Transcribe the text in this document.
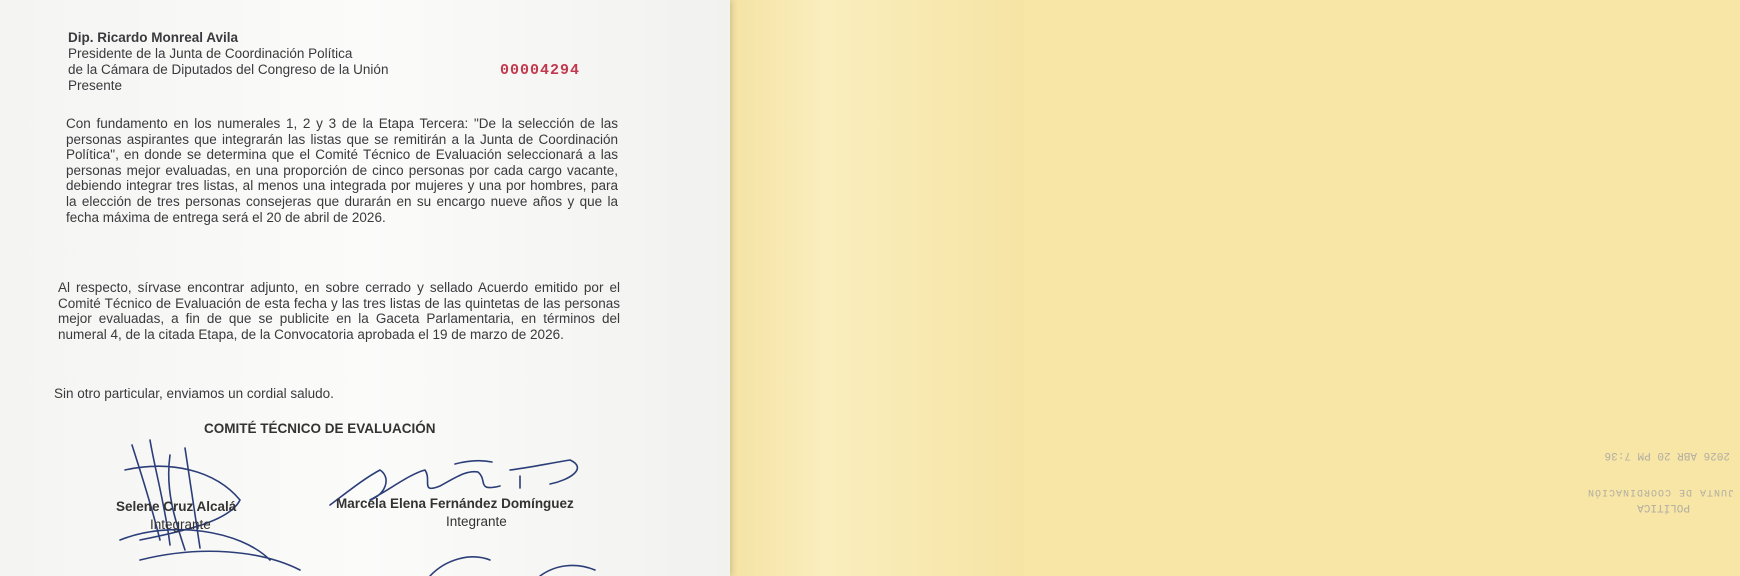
POLÍTICA
JUNTA DE COORDINACIÓN
2026 ABR 20 PM 7:36
Dip. Ricardo Monreal Avila
Presidente de la Junta de Coordinación Política
de la Cámara de Diputados del Congreso de la Unión
Presente
00004294
Con fundamento en los numerales 1, 2 y 3 de la Etapa Tercera: "De la selección de las personas aspirantes que integrarán las listas que se remitirán a la Junta de Coordinación Política", en donde se determina que el Comité Técnico de Evaluación seleccionará a las personas mejor evaluadas, en una proporción de cinco personas por cada cargo vacante, debiendo integrar tres listas, al menos una integrada por mujeres y una por hombres, para la elección de tres personas consejeras que durarán en su encargo nueve años y que la fecha máxima de entrega será el 20 de abril de 2026.
Al respecto, sírvase encontrar adjunto, en sobre cerrado y sellado Acuerdo emitido por el Comité Técnico de Evaluación de esta fecha y las tres listas de las quintetas de las personas mejor evaluadas, a fin de que se publicite en la Gaceta Parlamentaria, en términos del numeral 4, de la citada Etapa, de la Convocatoria aprobada el 19 de marzo de 2026.
Sin otro particular, enviamos un cordial saludo.
COMITÉ TÉCNICO DE EVALUACIÓN
Selene Cruz Alcalá
Integrante
Marcela Elena Fernández Domínguez
Integrante
